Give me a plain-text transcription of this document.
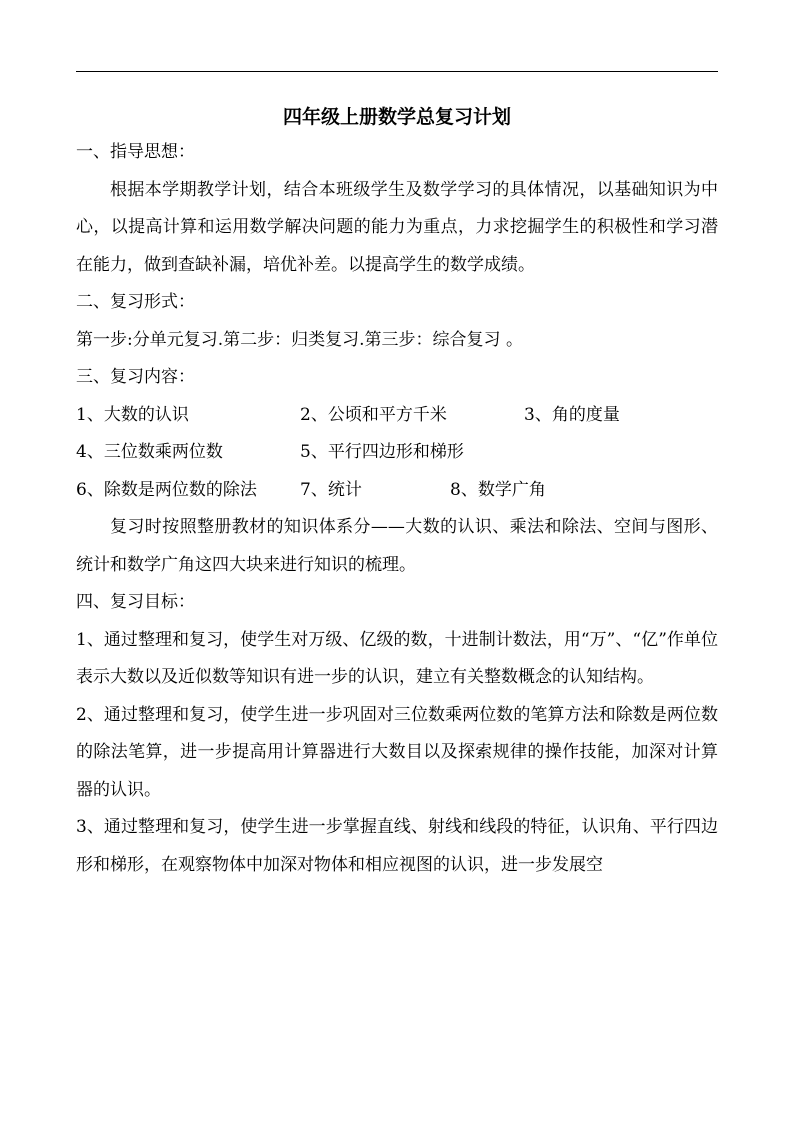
四年级上册数学总复习计划

一、指导思想：

根据本学期教学计划，结合本班级学生及数学学习的具体情况，以基础知识为中心，以提高计算和运用数学解决问题的能力为重点，力求挖掘学生的积极性和学习潜在能力，做到查缺补漏，培优补差。以提高学生的数学成绩。

二、复习形式：

第一步:分单元复习.第二步：归类复习.第三步：综合复习 。

三、复习内容：

1、大数的认识	2、公顷和平方千米	3、角的度量
4、三位数乘两位数	5、平行四边形和梯形
6、除数是两位数的除法	7、统计	8、数学广角

复习时按照整册教材的知识体系分——大数的认识、乘法和除法、空间与图形、统计和数学广角这四大块来进行知识的梳理。

四、复习目标：

1、通过整理和复习，使学生对万级、亿级的数，十进制计数法，用“万”、“亿”作单位表示大数以及近似数等知识有进一步的认识，建立有关整数概念的认知结构。

2、通过整理和复习，使学生进一步巩固对三位数乘两位数的笔算方法和除数是两位数的除法笔算，进一步提高用计算器进行大数目以及探索规律的操作技能，加深对计算器的认识。

3、通过整理和复习，使学生进一步掌握直线、射线和线段的特征，认识角、平行四边形和梯形，在观察物体中加深对物体和相应视图的认识，进一步发展空
